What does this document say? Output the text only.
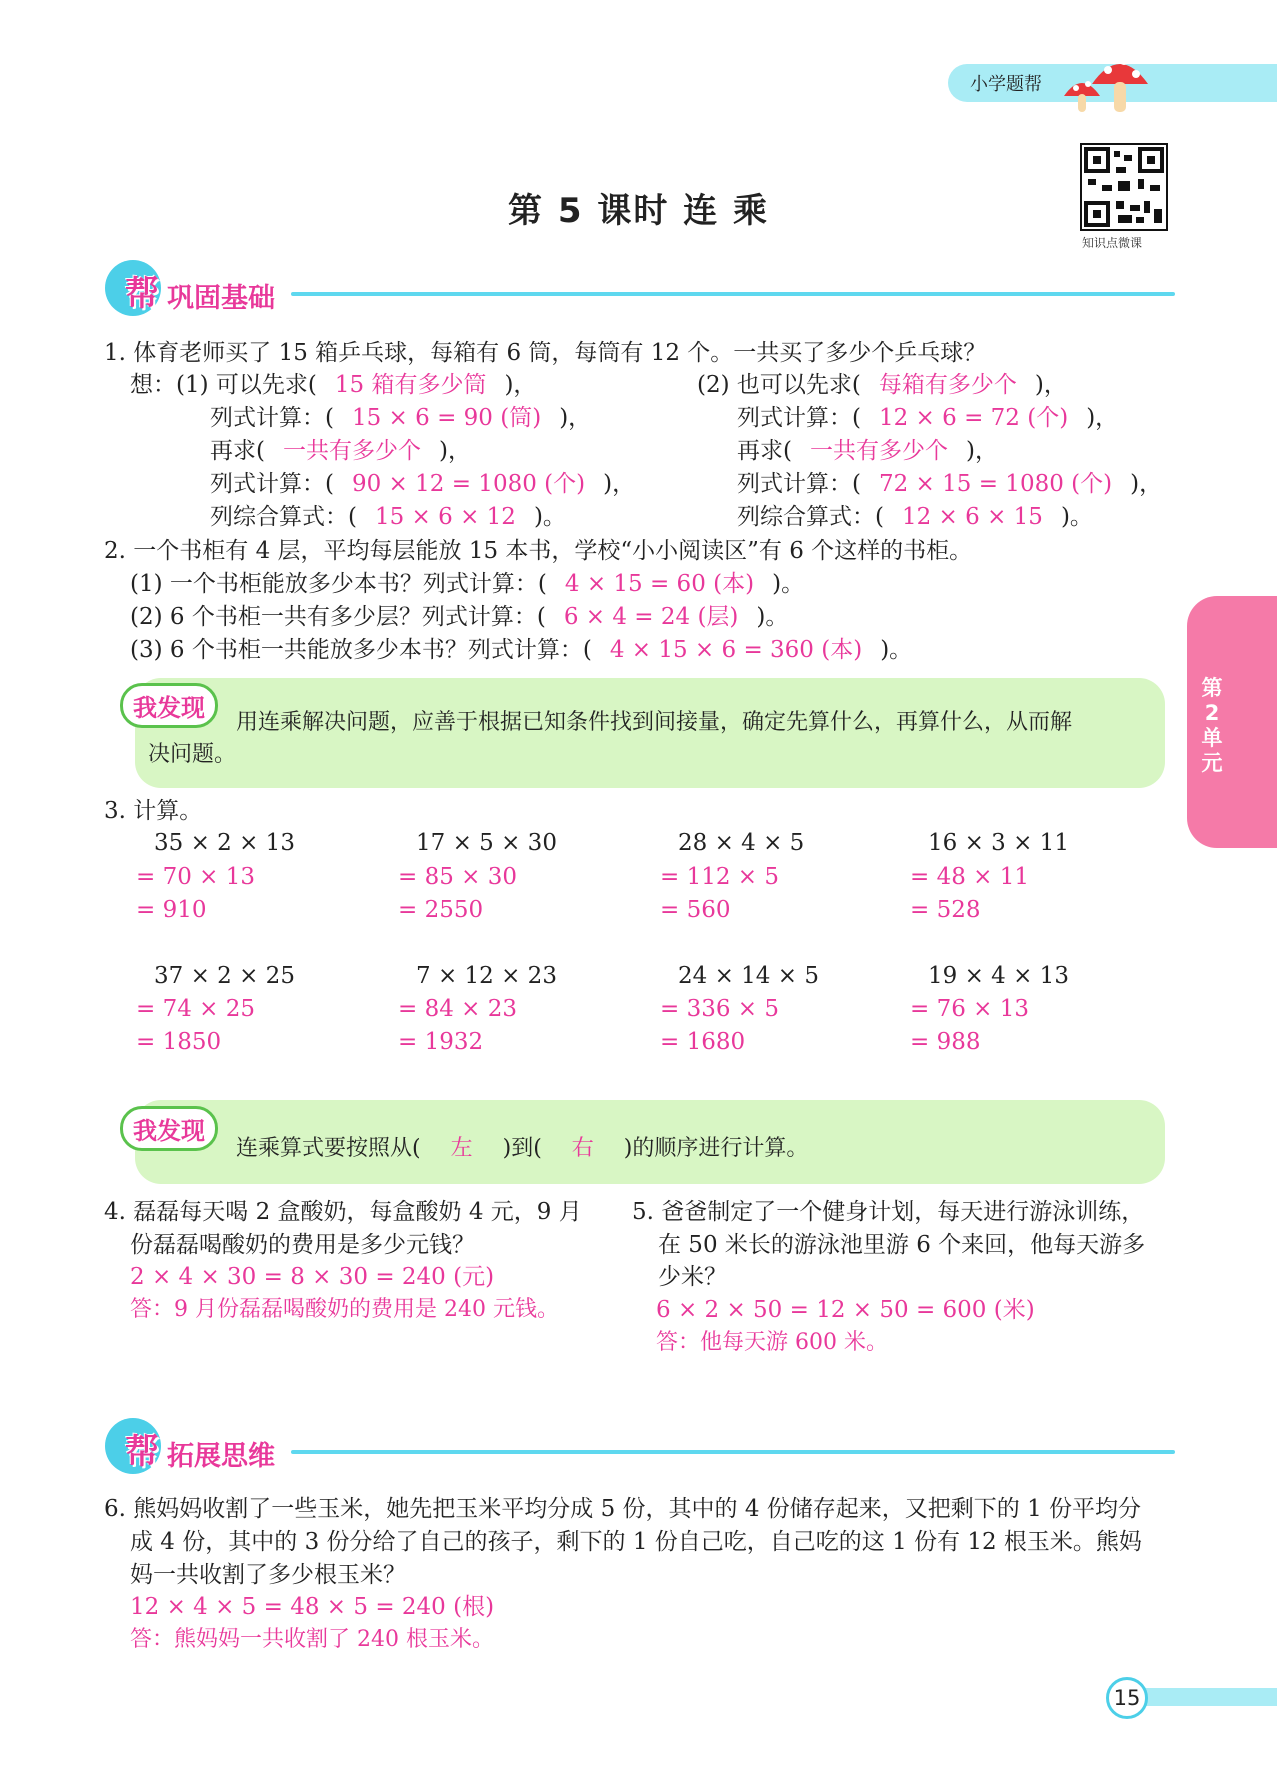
小学题帮
第 5 课时 连 乘
知识点微课
帮 巩固基础
1. 体育老师买了 15 箱乒乓球，每箱有 6 筒，每筒有 12 个。一共买了多少个乒乓球？
想：(1) 可以先求( 15 箱有多少筒 )，
列式计算：( 15 × 6 = 90 (筒) )，
再求( 一共有多少个 )，
列式计算：( 90 × 12 = 1080 (个) )，
列综合算式：( 15 × 6 × 12 )。
(2) 也可以先求( 每箱有多少个 )，
列式计算：( 12 × 6 = 72 (个) )，
再求( 一共有多少个 )，
列式计算：( 72 × 15 = 1080 (个) )，
列综合算式：( 12 × 6 × 15 )。
2. 一个书柜有 4 层，平均每层能放 15 本书，学校“小小阅读区”有 6 个这样的书柜。
(1) 一个书柜能放多少本书？列式计算：( 4 × 15 = 60 (本) )。
(2) 6 个书柜一共有多少层？列式计算：( 6 × 4 = 24 (层) )。
(3) 6 个书柜一共能放多少本书？列式计算：( 4 × 15 × 6 = 360 (本) )。
我发现
用连乘解决问题，应善于根据已知条件找到间接量，确定先算什么，再算什么，从而解
决问题。
3. 计算。
35 × 2 × 13
= 70 × 13
= 910
17 × 5 × 30
= 85 × 30
= 2550
28 × 4 × 5
= 112 × 5
= 560
16 × 3 × 11
= 48 × 11
= 528
37 × 2 × 25
= 74 × 25
= 1850
7 × 12 × 23
= 84 × 23
= 1932
24 × 14 × 5
= 336 × 5
= 1680
19 × 4 × 13
= 76 × 13
= 988
我发现
连乘算式要按照从( 左 )到( 右 )的顺序进行计算。
4. 磊磊每天喝 2 盒酸奶，每盒酸奶 4 元，9 月
份磊磊喝酸奶的费用是多少元钱？
2 × 4 × 30 = 8 × 30 = 240 (元)
答：9 月份磊磊喝酸奶的费用是 240 元钱。
5. 爸爸制定了一个健身计划，每天进行游泳训练，
在 50 米长的游泳池里游 6 个来回，他每天游多
少米？
6 × 2 × 50 = 12 × 50 = 600 (米)
答：他每天游 600 米。
帮 拓展思维
6. 熊妈妈收割了一些玉米，她先把玉米平均分成 5 份，其中的 4 份储存起来，又把剩下的 1 份平均分
成 4 份，其中的 3 份分给了自己的孩子，剩下的 1 份自己吃，自己吃的这 1 份有 12 根玉米。熊妈
妈一共收割了多少根玉米？
12 × 4 × 5 = 48 × 5 = 240 (根)
答：熊妈妈一共收割了 240 根玉米。
第2单元
15
